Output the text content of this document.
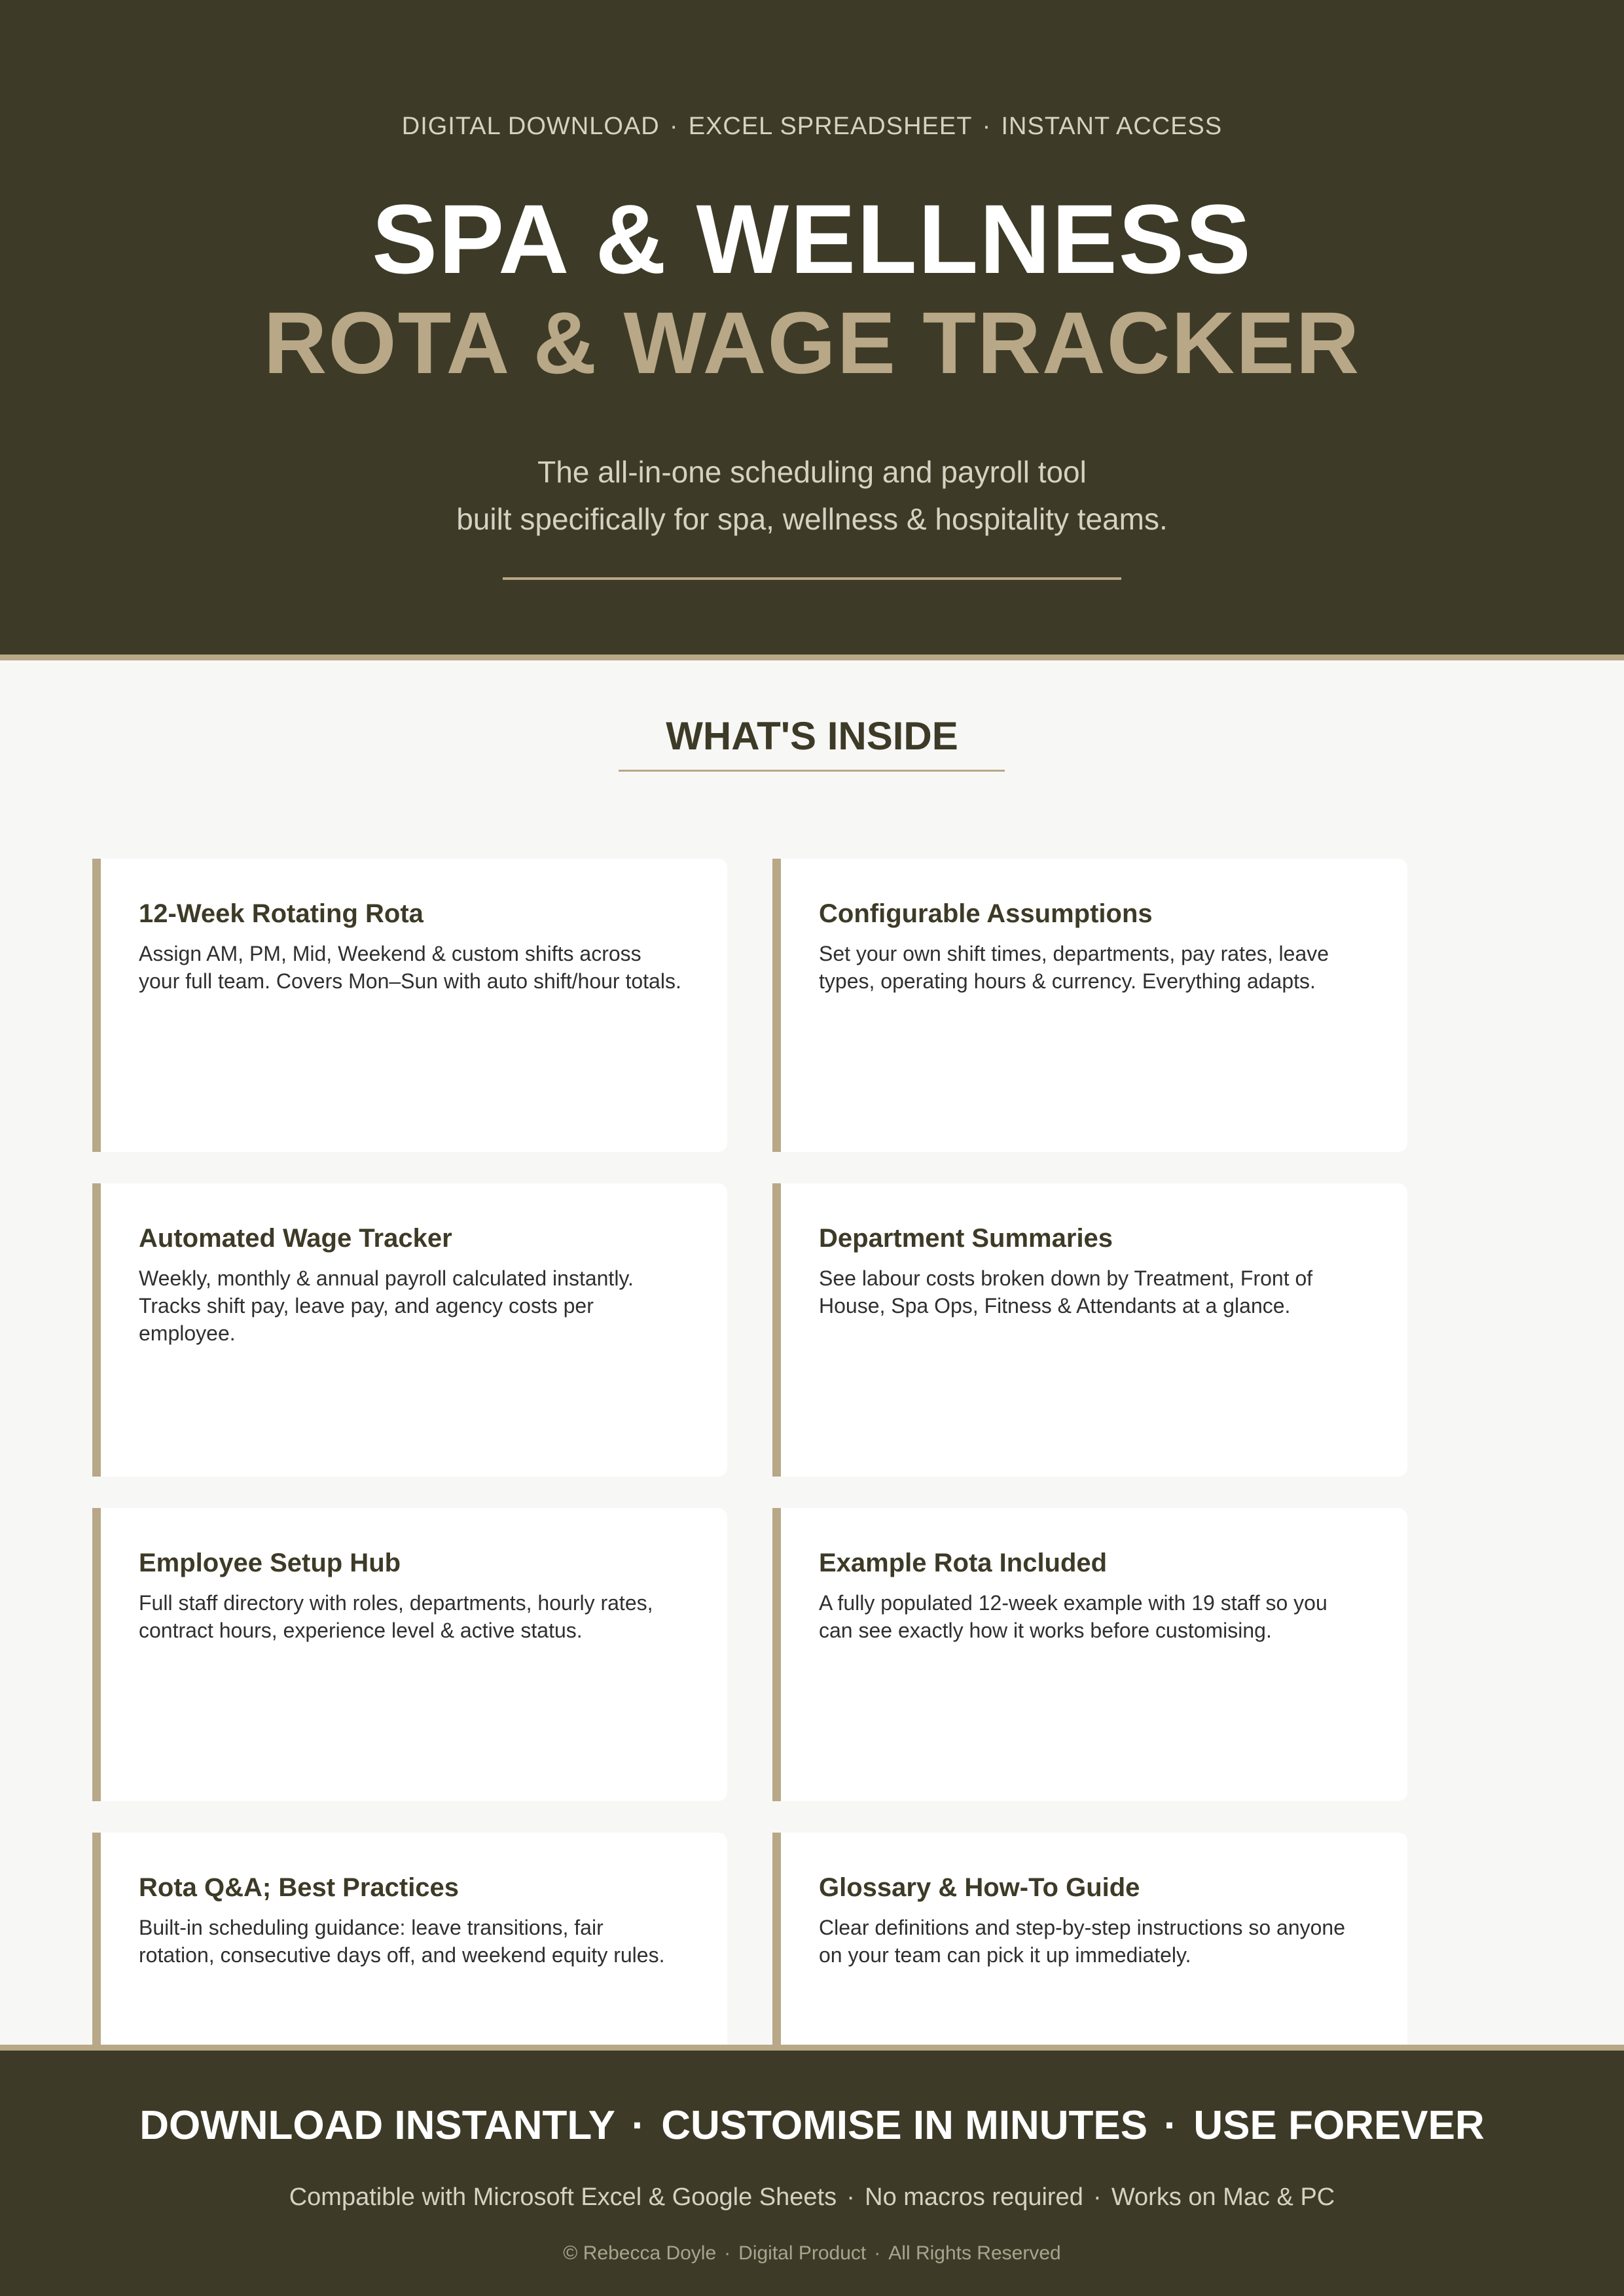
DIGITAL DOWNLOAD · EXCEL SPREADSHEET · INSTANT ACCESS
SPA & WELLNESS
ROTA & WAGE TRACKER
The all-in-one scheduling and payroll tool
built specifically for spa, wellness & hospitality teams.
WHAT'S INSIDE
12-Week Rotating Rota

Assign AM, PM, Mid, Weekend & custom shifts across your full team. Covers Mon–Sun with auto shift/hour totals.

Configurable Assumptions

Set your own shift times, departments, pay rates, leave types, operating hours & currency. Everything adapts.

Automated Wage Tracker

Weekly, monthly & annual payroll calculated instantly. Tracks shift pay, leave pay, and agency costs per employee.

Department Summaries

See labour costs broken down by Treatment, Front of House, Spa Ops, Fitness & Attendants at a glance.

Employee Setup Hub

Full staff directory with roles, departments, hourly rates, contract hours, experience level & active status.

Example Rota Included

A fully populated 12-week example with 19 staff so you can see exactly how it works before customising.

Rota Q&A; Best Practices

Built-in scheduling guidance: leave transitions, fair rotation, consecutive days off, and weekend equity rules.

Glossary & How-To Guide

Clear definitions and step-by-step instructions so anyone on your team can pick it up immediately.

DOWNLOAD INSTANTLY · CUSTOMISE IN MINUTES · USE FOREVER
Compatible with Microsoft Excel & Google Sheets · No macros required · Works on Mac & PC
© Rebecca Doyle · Digital Product · All Rights Reserved
